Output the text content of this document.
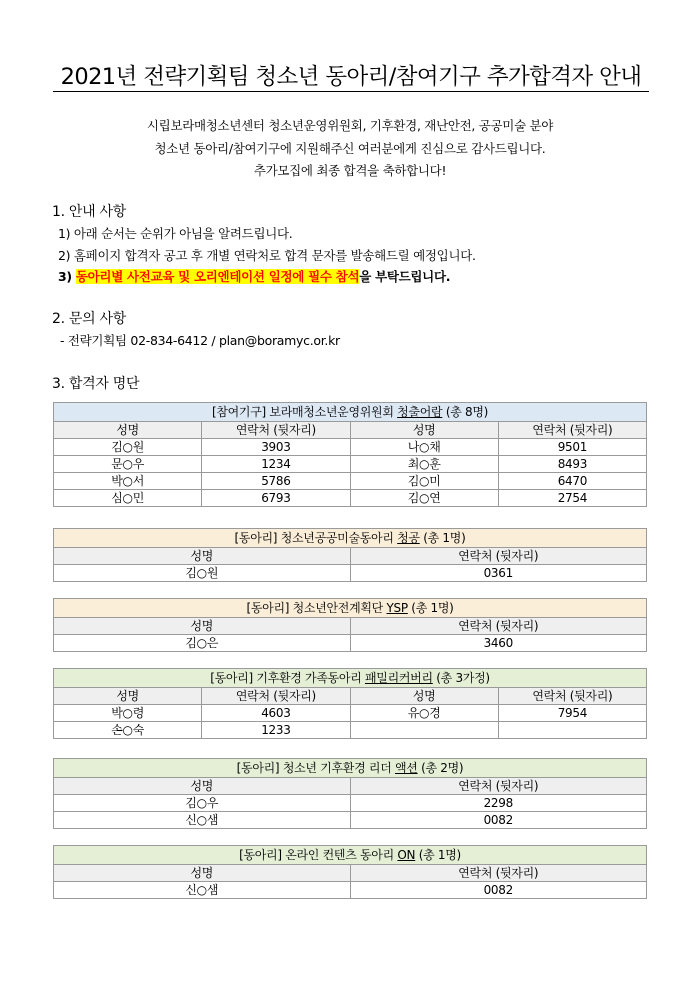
2021년 전략기획팀 청소년 동아리/참여기구 추가합격자 안내
시립보라매청소년센터 청소년운영위원회, 기후환경, 재난안전, 공공미술 분야
청소년 동아리/참여기구에 지원해주신 여러분에게 진심으로 감사드립니다.
추가모집에 최종 합격을 축하합니다!
1. 안내 사항
1) 아래 순서는 순위가 아님을 알려드립니다.
2) 홈페이지 합격자 공고 후 개별 연락처로 합격 문자를 발송해드릴 예정입니다.
3) 동아리별 사전교육 및 오리엔테이션 일정에 필수 참석을 부탁드립니다.
2. 문의 사항
- 전략기획팀 02-834-6412 / plan@boramyc.or.kr
3. 합격자 명단
[참여기구] 보라매청소년운영위원회 청출어람 (총 8명)			
성명	연락처 (뒷자리)	성명	연락처 (뒷자리)
김○원	3903	나○채	9501
문○우	1234	최○훈	8493
박○서	5786	김○미	6470
심○민	6793	김○연	2754
[동아리] 청소년공공미술동아리 청공 (총 1명)	
성명	연락처 (뒷자리)
김○원	0361
[동아리] 청소년안전계획단 YSP (총 1명)	
성명	연락처 (뒷자리)
김○은	3460
[동아리] 기후환경 가족동아리 패밀리커버리 (총 3가정)			
성명	연락처 (뒷자리)	성명	연락처 (뒷자리)
박○령	4603	유○경	7954
손○숙	1233		
[동아리] 청소년 기후환경 리더 액션 (총 2명)	
성명	연락처 (뒷자리)
김○우	2298
신○샘	0082
[동아리] 온라인 컨텐츠 동아리 ON (총 1명)	
성명	연락처 (뒷자리)
신○샘	0082
